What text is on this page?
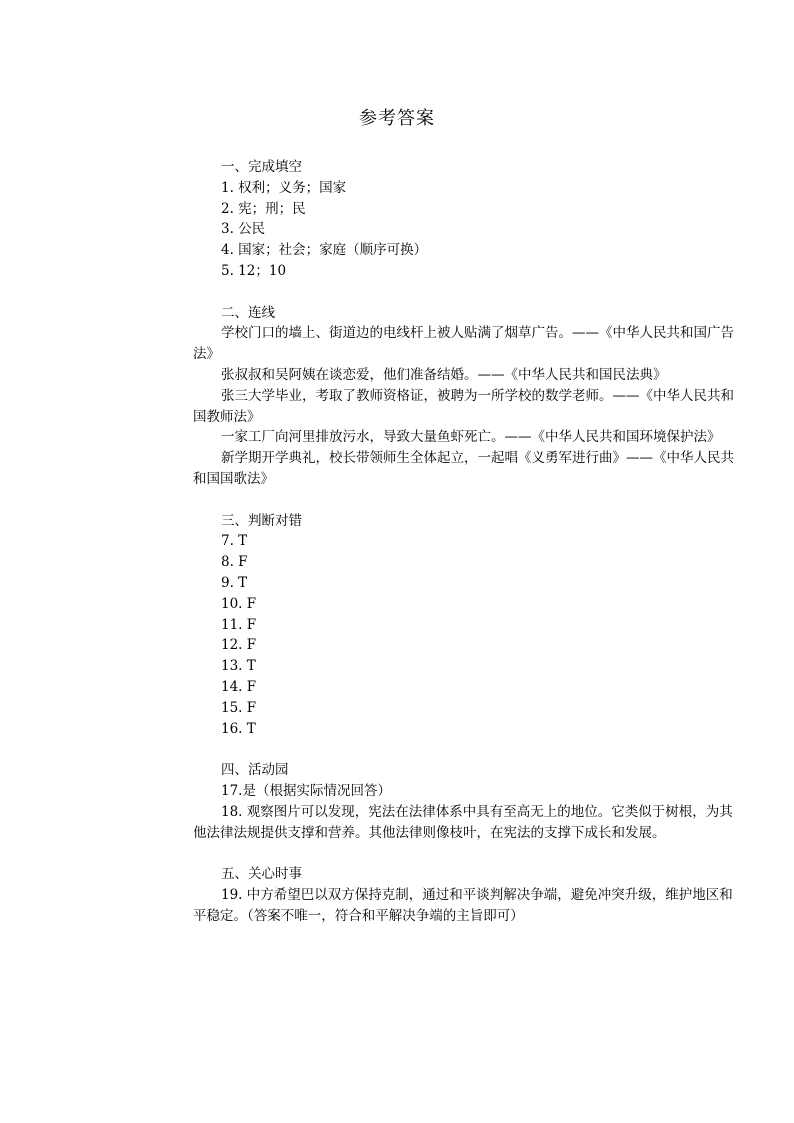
参考答案
一、完成填空
1. 权利；义务；国家
2. 宪；刑；民
3. 公民
4. 国家；社会；家庭（顺序可换）
5. 12；10
二、连线
学校门口的墙上、街道边的电线杆上被人贴满了烟草广告。——《中华人民共和国广告法》
张叔叔和吴阿姨在谈恋爱，他们准备结婚。——《中华人民共和国民法典》
张三大学毕业，考取了教师资格证，被聘为一所学校的数学老师。——《中华人民共和国教师法》
一家工厂向河里排放污水，导致大量鱼虾死亡。——《中华人民共和国环境保护法》
新学期开学典礼，校长带领师生全体起立，一起唱《义勇军进行曲》——《中华人民共和国国歌法》
三、判断对错
7. T
8. F
9. T
10. F
11. F
12. F
13. T
14. F
15. F
16. T
四、活动园
17.是（根据实际情况回答）
18. 观察图片可以发现，宪法在法律体系中具有至高无上的地位。它类似于树根，为其他法律法规提供支撑和营养。其他法律则像枝叶，在宪法的支撑下成长和发展。
五、关心时事
19. 中方希望巴以双方保持克制，通过和平谈判解决争端，避免冲突升级，维护地区和平稳定。（答案不唯一，符合和平解决争端的主旨即可）
